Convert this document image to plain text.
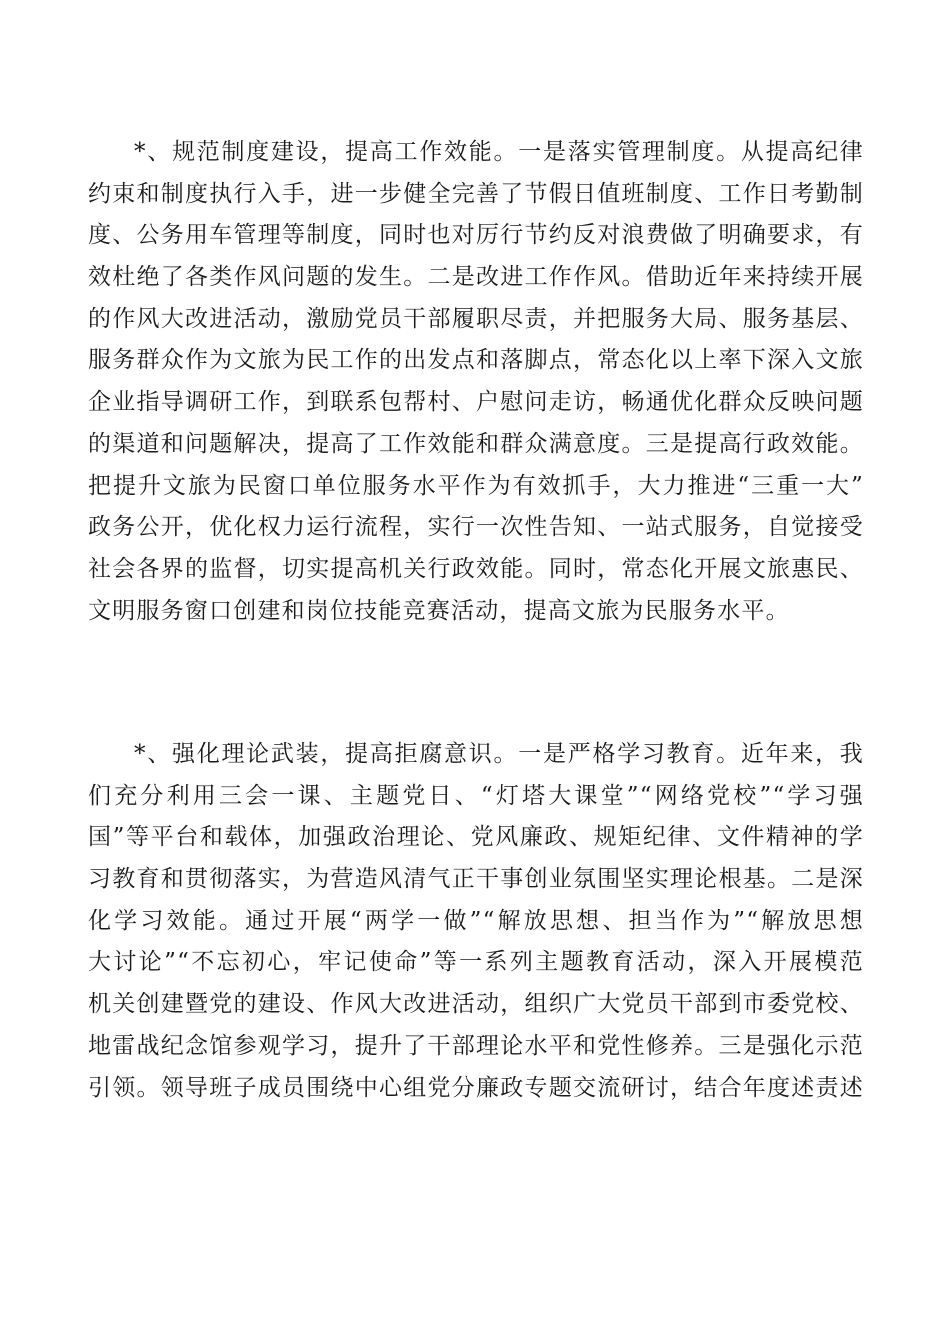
*、规范制度建设，提高工作效能。一是落实管理制度。从提高纪律
约束和制度执行入手，进一步健全完善了节假日值班制度、工作日考勤制
度、公务用车管理等制度，同时也对厉行节约反对浪费做了明确要求，有
效杜绝了各类作风问题的发生。二是改进工作作风。借助近年来持续开展
的作风大改进活动，激励党员干部履职尽责，并把服务大局、服务基层、
服务群众作为文旅为民工作的出发点和落脚点，常态化以上率下深入文旅
企业指导调研工作，到联系包帮村、户慰问走访，畅通优化群众反映问题
的渠道和问题解决，提高了工作效能和群众满意度。三是提高行政效能。
把提升文旅为民窗口单位服务水平作为有效抓手，大力推进“三重一大”
政务公开，优化权力运行流程，实行一次性告知、一站式服务，自觉接受
社会各界的监督，切实提高机关行政效能。同时，常态化开展文旅惠民、
文明服务窗口创建和岗位技能竞赛活动，提高文旅为民服务水平。
*、强化理论武装，提高拒腐意识。一是严格学习教育。近年来，我
们充分利用三会一课、主题党日、“灯塔大课堂”“网络党校”“学习强
国”等平台和载体，加强政治理论、党风廉政、规矩纪律、文件精神的学
习教育和贯彻落实，为营造风清气正干事创业氛围坚实理论根基。二是深
化学习效能。通过开展“两学一做”“解放思想、担当作为”“解放思想
大讨论”“不忘初心，牢记使命”等一系列主题教育活动，深入开展模范
机关创建暨党的建设、作风大改进活动，组织广大党员干部到市委党校、
地雷战纪念馆参观学习，提升了干部理论水平和党性修养。三是强化示范
引领。领导班子成员围绕中心组党分廉政专题交流研讨，结合年度述责述
